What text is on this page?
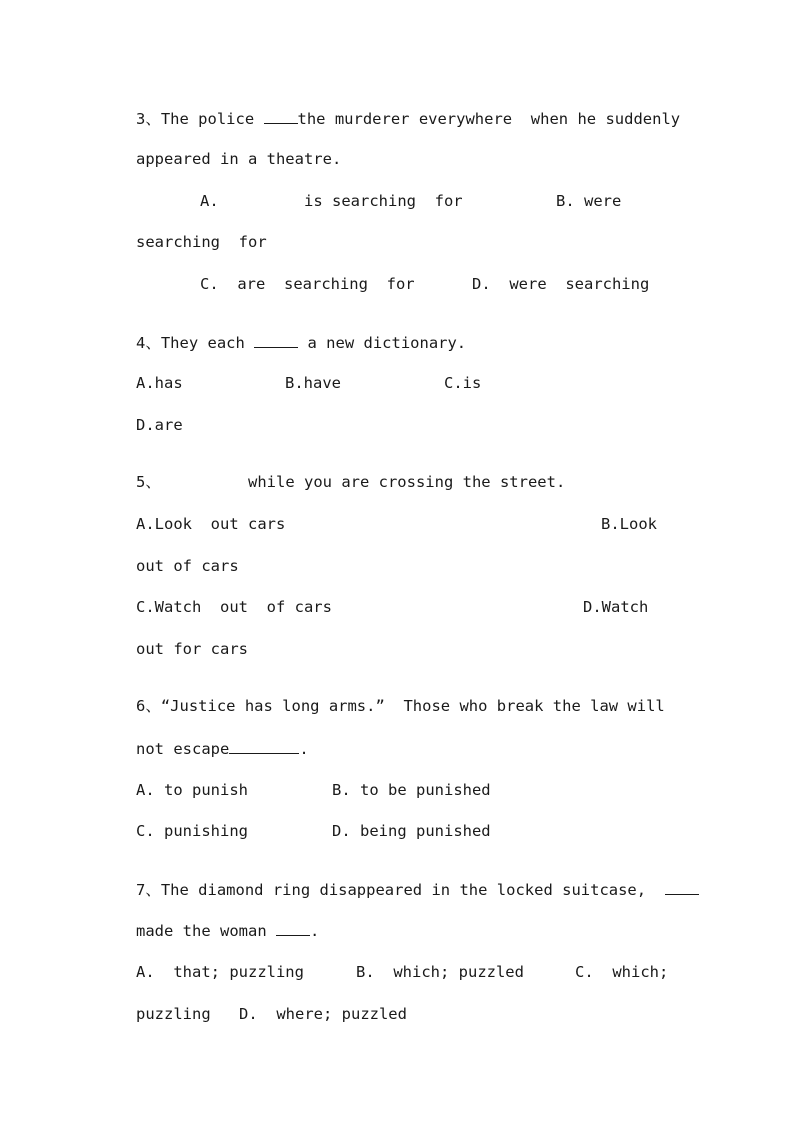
3、The police the murderer everywhere  when he suddenly
appeared in a theatre.
A.	is searching  for	B. were
searching  for
C.  are  searching  for	D.  were  searching
4、They each	a new dictionary.
A.has	B.have	C.is
D.are
5、	while you are crossing the street.
A.Look  out cars	B.Look
out of cars
C.Watch  out  of cars	D.Watch
out for cars
6、“Justice has long arms.”  Those who break the law will
not escape	.
A. to punish	B. to be punished
C. punishing	D. being punished
7、The diamond ring disappeared in the locked suitcase,
made the woman .
A.  that; puzzling	B.  which; puzzled	C.  which;
puzzling D.  where; puzzled
